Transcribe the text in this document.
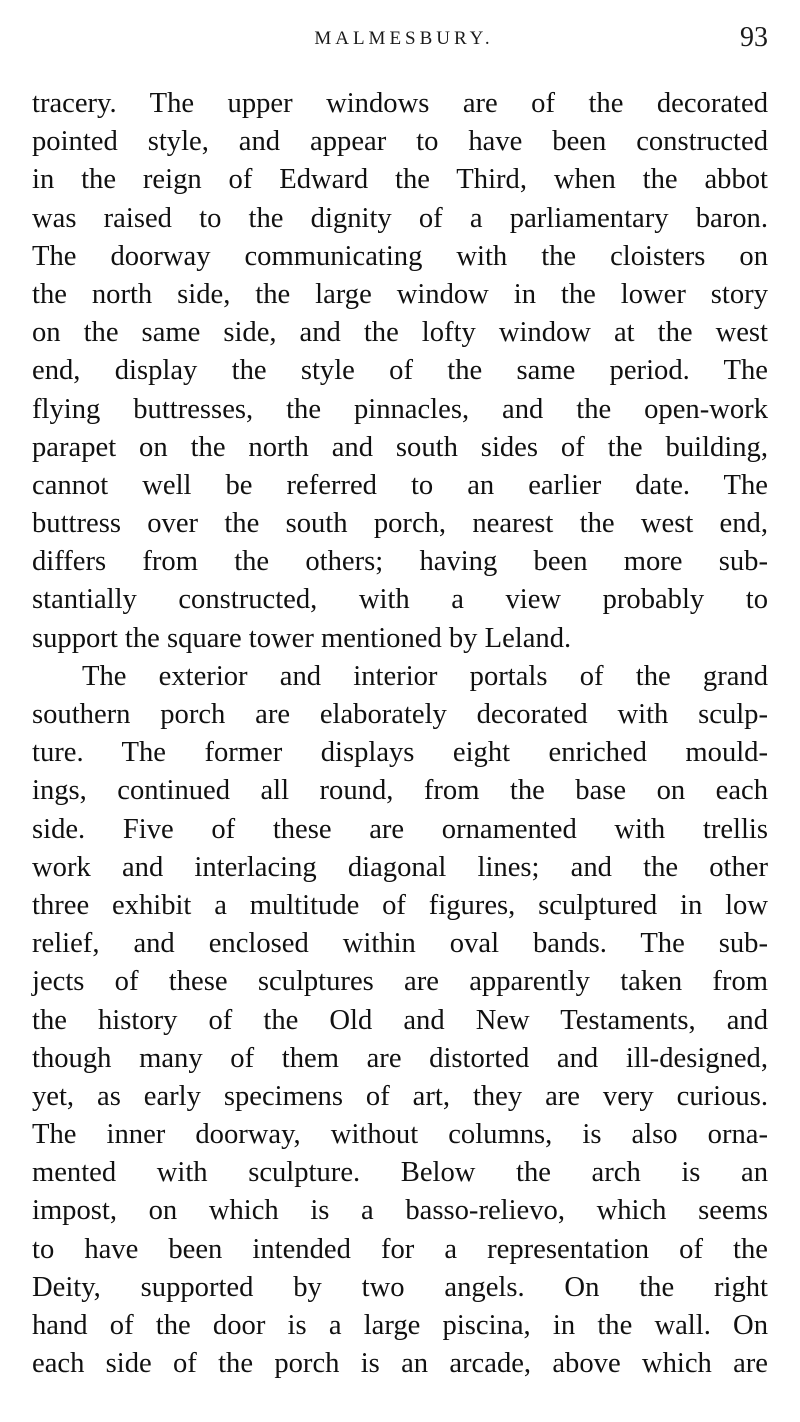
MALMESBURY.	93
tracery. The upper windows are of the decorated
pointed style, and appear to have been constructed
in the reign of Edward the Third, when the abbot
was raised to the dignity of a parliamentary baron.
The doorway communicating with the cloisters on
the north side, the large window in the lower story
on the same side, and the lofty window at the west
end, display the style of the same period. The
flying buttresses, the pinnacles, and the open-work
parapet on the north and south sides of the building,
cannot well be referred to an earlier date. The
buttress over the south porch, nearest the west end,
differs from the others; having been more sub-
stantially constructed, with a view probably to
support the square tower mentioned by Leland.
The exterior and interior portals of the grand
southern porch are elaborately decorated with sculp-
ture. The former displays eight enriched mould-
ings, continued all round, from the base on each
side. Five of these are ornamented with trellis
work and interlacing diagonal lines; and the other
three exhibit a multitude of figures, sculptured in low
relief, and enclosed within oval bands. The sub-
jects of these sculptures are apparently taken from
the history of the Old and New Testaments, and
though many of them are distorted and ill-designed,
yet, as early specimens of art, they are very curious.
The inner doorway, without columns, is also orna-
mented with sculpture. Below the arch is an
impost, on which is a basso-relievo, which seems
to have been intended for a representation of the
Deity, supported by two angels. On the right
hand of the door is a large piscina, in the wall. On
each side of the porch is an arcade, above which are
